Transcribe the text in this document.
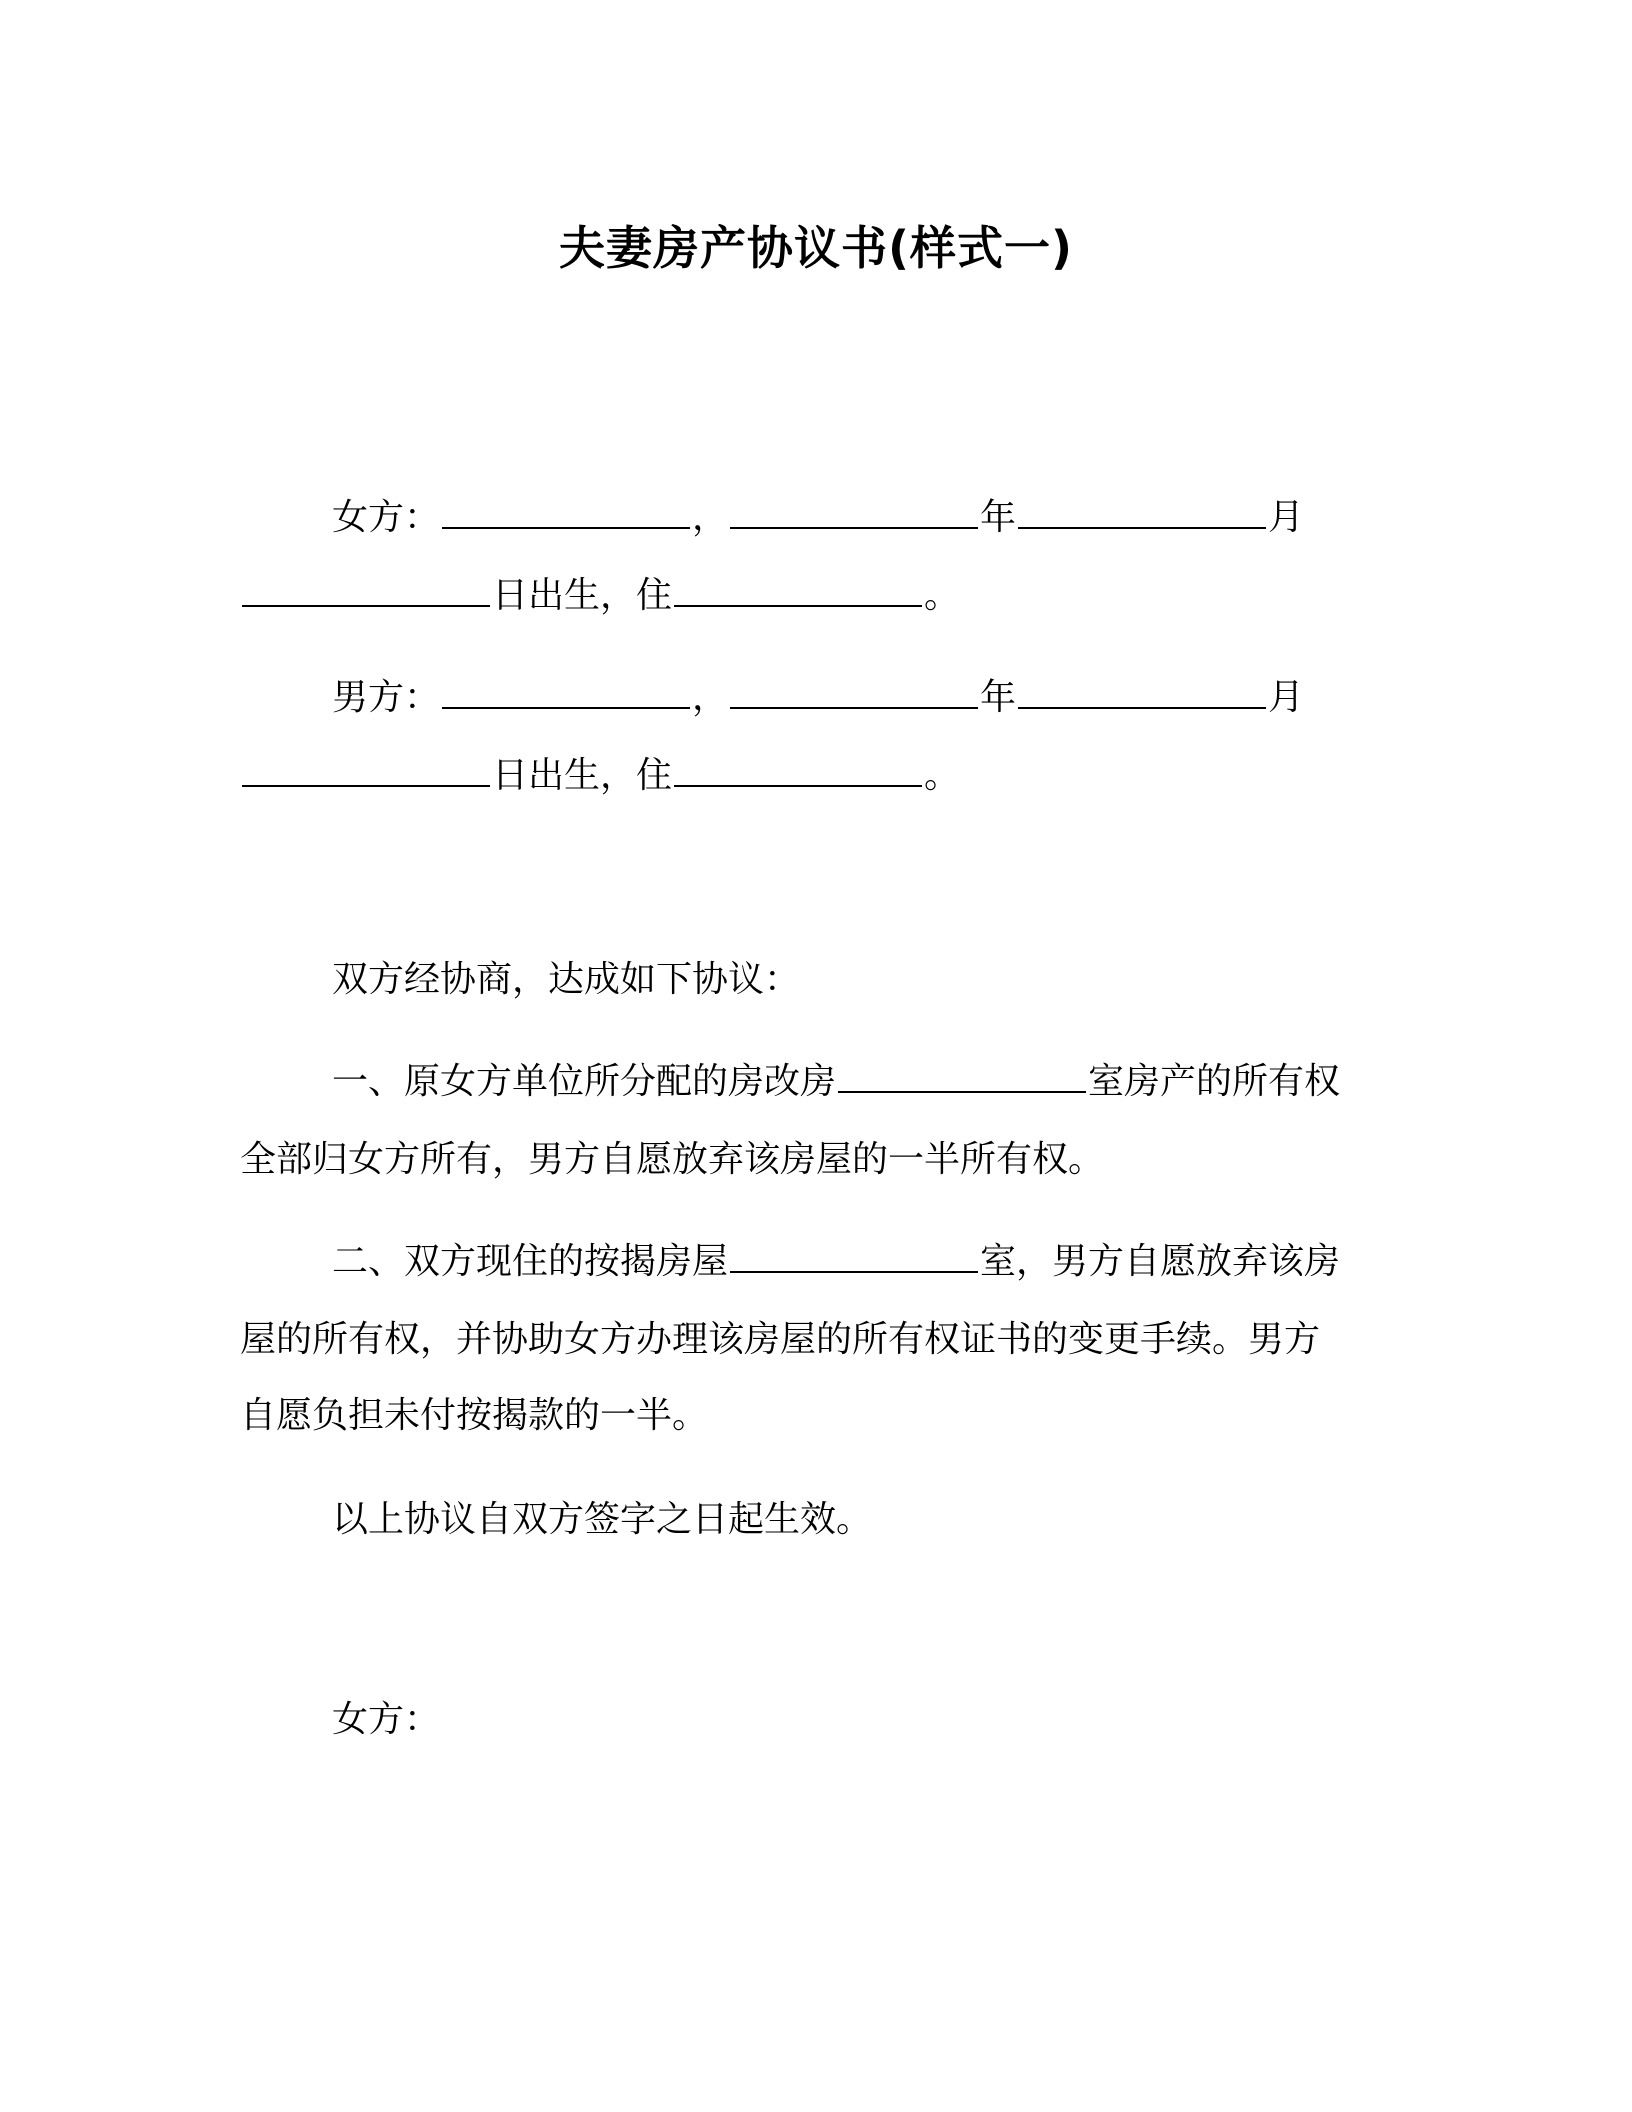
夫妻房产协议书(样式一)
女方：	，	年	月
日出生，住	。
男方：	，	年	月
日出生，住	。
双方经协商，达成如下协议：
一、原女方单位所分配的房改房	室房产的所有权
全部归女方所有，男方自愿放弃该房屋的一半所有权。
二、双方现住的按揭房屋	室，男方自愿放弃该房
屋的所有权，并协助女方办理该房屋的所有权证书的变更手续。男方
自愿负担未付按揭款的一半。
以上协议自双方签字之日起生效。
女方：
